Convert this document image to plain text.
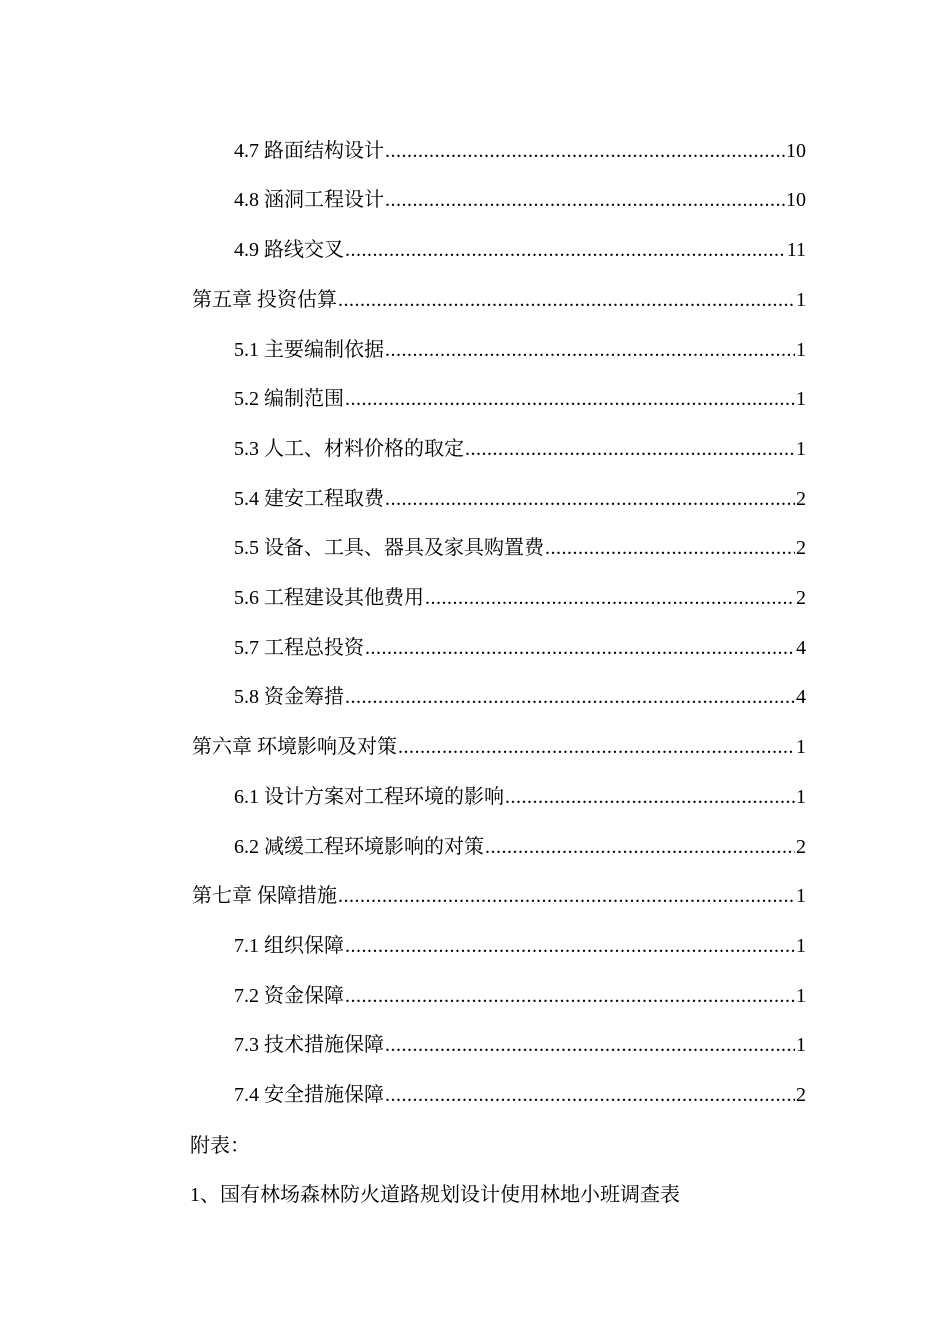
4.7 路面结构设计 .....	10
4.8 涵洞工程设计 .....	10
4.9 路线交叉 .....	11
第五章 投资估算 .....	1
5.1 主要编制依据 .....	1
5.2 编制范围 .....	1
5.3 人工、材料价格的取定 .....	1
5.4 建安工程取费 .....	2
5.5 设备、工具、器具及家具购置费 .....	2
5.6 工程建设其他费用 .....	2
5.7 工程总投资 .....	4
5.8 资金筹措 .....	4
第六章 环境影响及对策 .....	1
6.1 设计方案对工程环境的影响 .....	1
6.2 减缓工程环境影响的对策 .....	2
第七章 保障措施 .....	1
7.1 组织保障 .....	1
7.2 资金保障 .....	1
7.3 技术措施保障 .....	1
7.4 安全措施保障 .....	2
附表：
1、国有林场森林防火道路规划设计使用林地小班调查表
